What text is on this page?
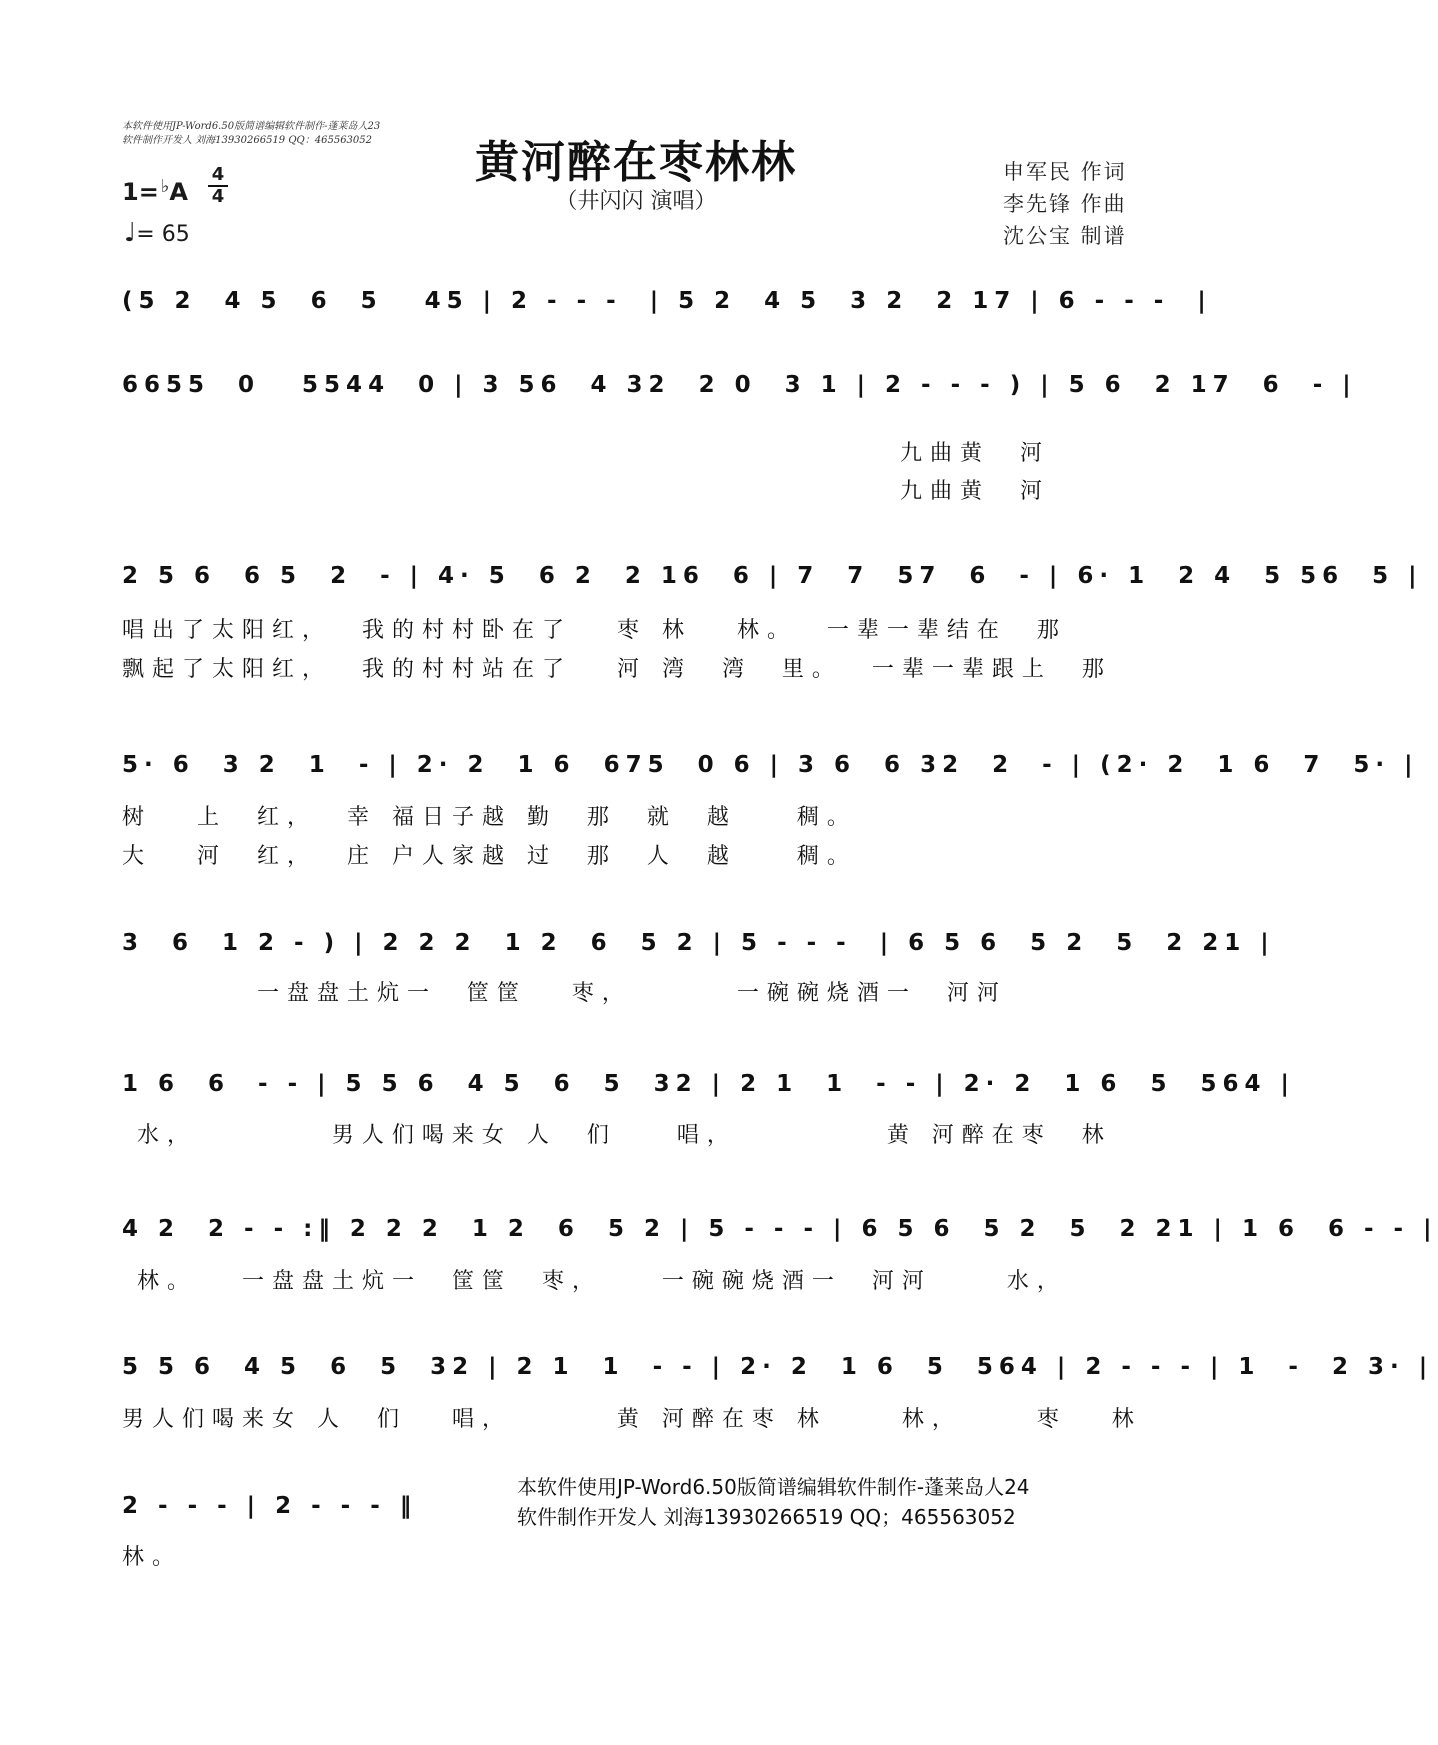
本软件使用JP-Word6.50版简谱编辑软件制作-蓬莱岛人23
软件制作开发人 刘海13930266519 QQ：465563052	黄河醉在枣林林
（井闪闪 演唱）
申军民 作词
李先锋 作曲
沈公宝 制谱
1= ♭A
4
4
♩= 65
(5 2  4 5  6  5   45 | 2 - - -  | 5 2  4 5  3 2  2 17 | 6 - - -  |
6655  0   5544  0 | 3 56  4 32  2 0  3 1 | 2 - - - ) | 5 6  2 17  6  - |
九曲黄  河
九曲黄  河
2 5 6  6 5  2  - | 4· 5  6 2  2 16  6 | 7  7  57  6  - | 6· 1  2 4  5 56  5 |
唱出了太阳红，  我的村村卧在了   枣 林   林。  一辈一辈结在  那
飘起了太阳红，  我的村村站在了   河 湾  湾  里。  一辈一辈跟上  那
5· 6  3 2  1  - | 2· 2  1 6  675  0 6 | 3 6  6 32  2  - | (2· 2  1 6  7  5· |
树   上  红，  幸 福日子越 勤  那  就  越    稠。
大   河  红，  庄 户人家越 过  那  人  越    稠。
3  6  1 2 - ) | 2 2 2  1 2  6  5 2 | 5 - - -  | 6 5 6  5 2  5  2 21 |
一盘盘土炕一  筐筐   枣，       一碗碗烧酒一  河河
1 6  6  - - | 5 5 6  4 5  6  5  32 | 2 1  1  - - | 2· 2  1 6  5  564 |
水，         男人们喝来女 人  们    唱，          黄 河醉在枣  林
4 2  2 - - :‖ 2 2 2  1 2  6  5 2 | 5 - - - | 6 5 6  5 2  5  2 21 | 1 6  6 - - |
林。   一盘盘土炕一  筐筐  枣，    一碗碗烧酒一  河河     水，
5 5 6  4 5  6  5  32 | 2 1  1  - - | 2· 2  1 6  5  564 | 2 - - - | 1  -  2 3· |
男人们喝来女 人  们   唱，       黄 河醉在枣 林     林，     枣   林
2 - - - | 2 - - - ‖
林。
本软件使用JP-Word6.50版简谱编辑软件制作-蓬莱岛人24
软件制作开发人 刘海13930266519 QQ；465563052
